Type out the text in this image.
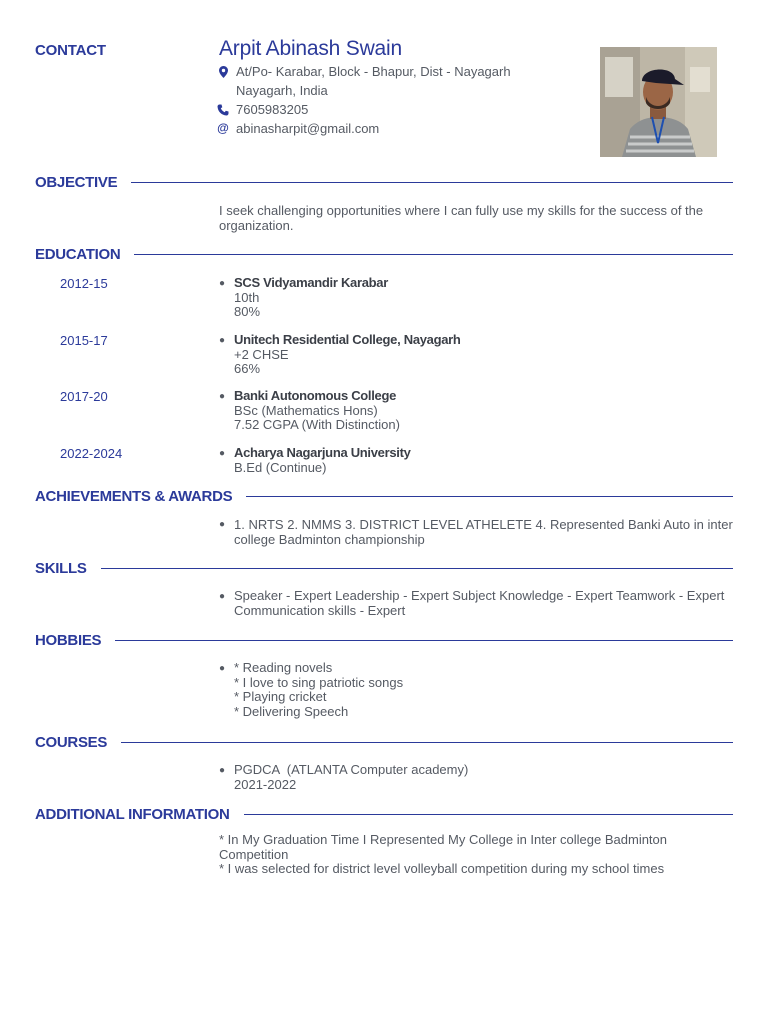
CONTACT	Arpit Abinash Swain
At/Po- Karabar, Block - Bhapur, Dist - Nayagarh
Nayagarh, India
7605983205
@ abinasharpit@gmail.com
OBJECTIVE
I seek challenging opportunities where I can fully use my skills for the success of the organization.
EDUCATION
2012-15	● SCS Vidyamandir Karabar
10th
80%
2015-17	● Unitech Residential College, Nayagarh
+2 CHSE
66%
2017-20	● Banki Autonomous College
BSc (Mathematics Hons)
7.52 CGPA (With Distinction)
2022-2024	● Acharya Nagarjuna University
B.Ed (Continue)
ACHIEVEMENTS & AWARDS
● 1. NRTS 2. NMMS 3. DISTRICT LEVEL ATHELETE 4. Represented Banki Auto in inter college Badminton championship
SKILLS
● Speaker - Expert Leadership - Expert Subject Knowledge - Expert Teamwork - Expert Communication skills - Expert
HOBBIES
● * Reading novels
* I love to sing patriotic songs
* Playing cricket
* Delivering Speech
COURSES
● PGDCA  (ATLANTA Computer academy)
2021-2022
ADDITIONAL INFORMATION
* In My Graduation Time I Represented My College in Inter college Badminton Competition
* I was selected for district level volleyball competition during my school times
